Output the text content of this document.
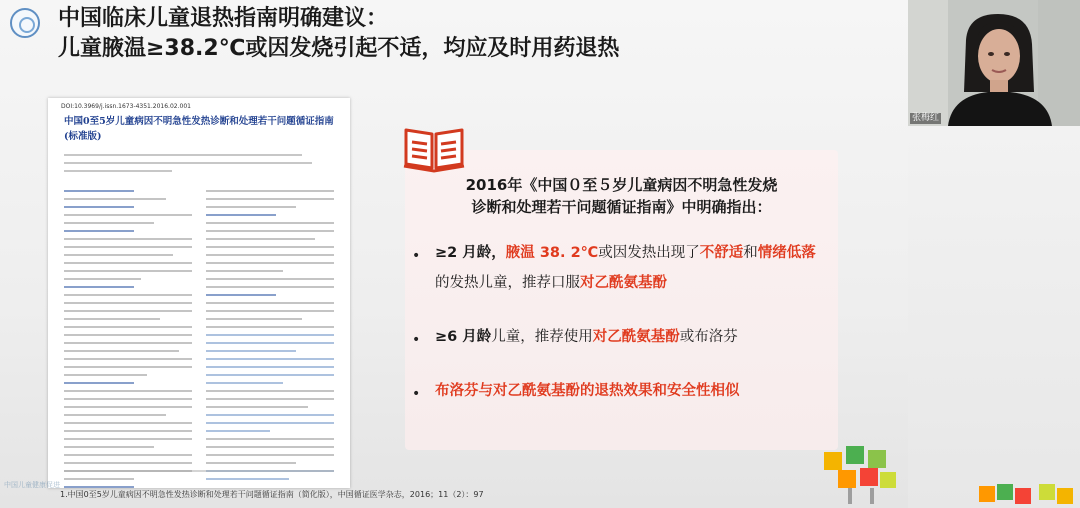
中国临床儿童退热指南明确建议：
儿童腋温≥38.2℃或因发烧引起不适，均应及时用药退热
DOI:10.3969/j.issn.1673-4351.2016.02.001
中国0至5岁儿童病因不明急性发热诊断和处理若干问题循证指南(标准版)
2016年《中国０至５岁儿童病因不明急性发烧
诊断和处理若干问题循证指南》中明确指出：
• ≥2 月龄，腋温 38. 2℃或因发热出现了不舒适和情绪低落
的发热儿童，推荐口服对乙酰氨基酚
• ≥6 月龄儿童，推荐使用对乙酰氨基酚或布洛芬
• 布洛芬与对乙酰氨基酚的退热效果和安全性相似
中国儿童健康促进
1.中国0至5岁儿童病因不明急性发热诊断和处理若干问题循证指南（简化版），中国循证医学杂志，2016；11（2）：97
张梅红
